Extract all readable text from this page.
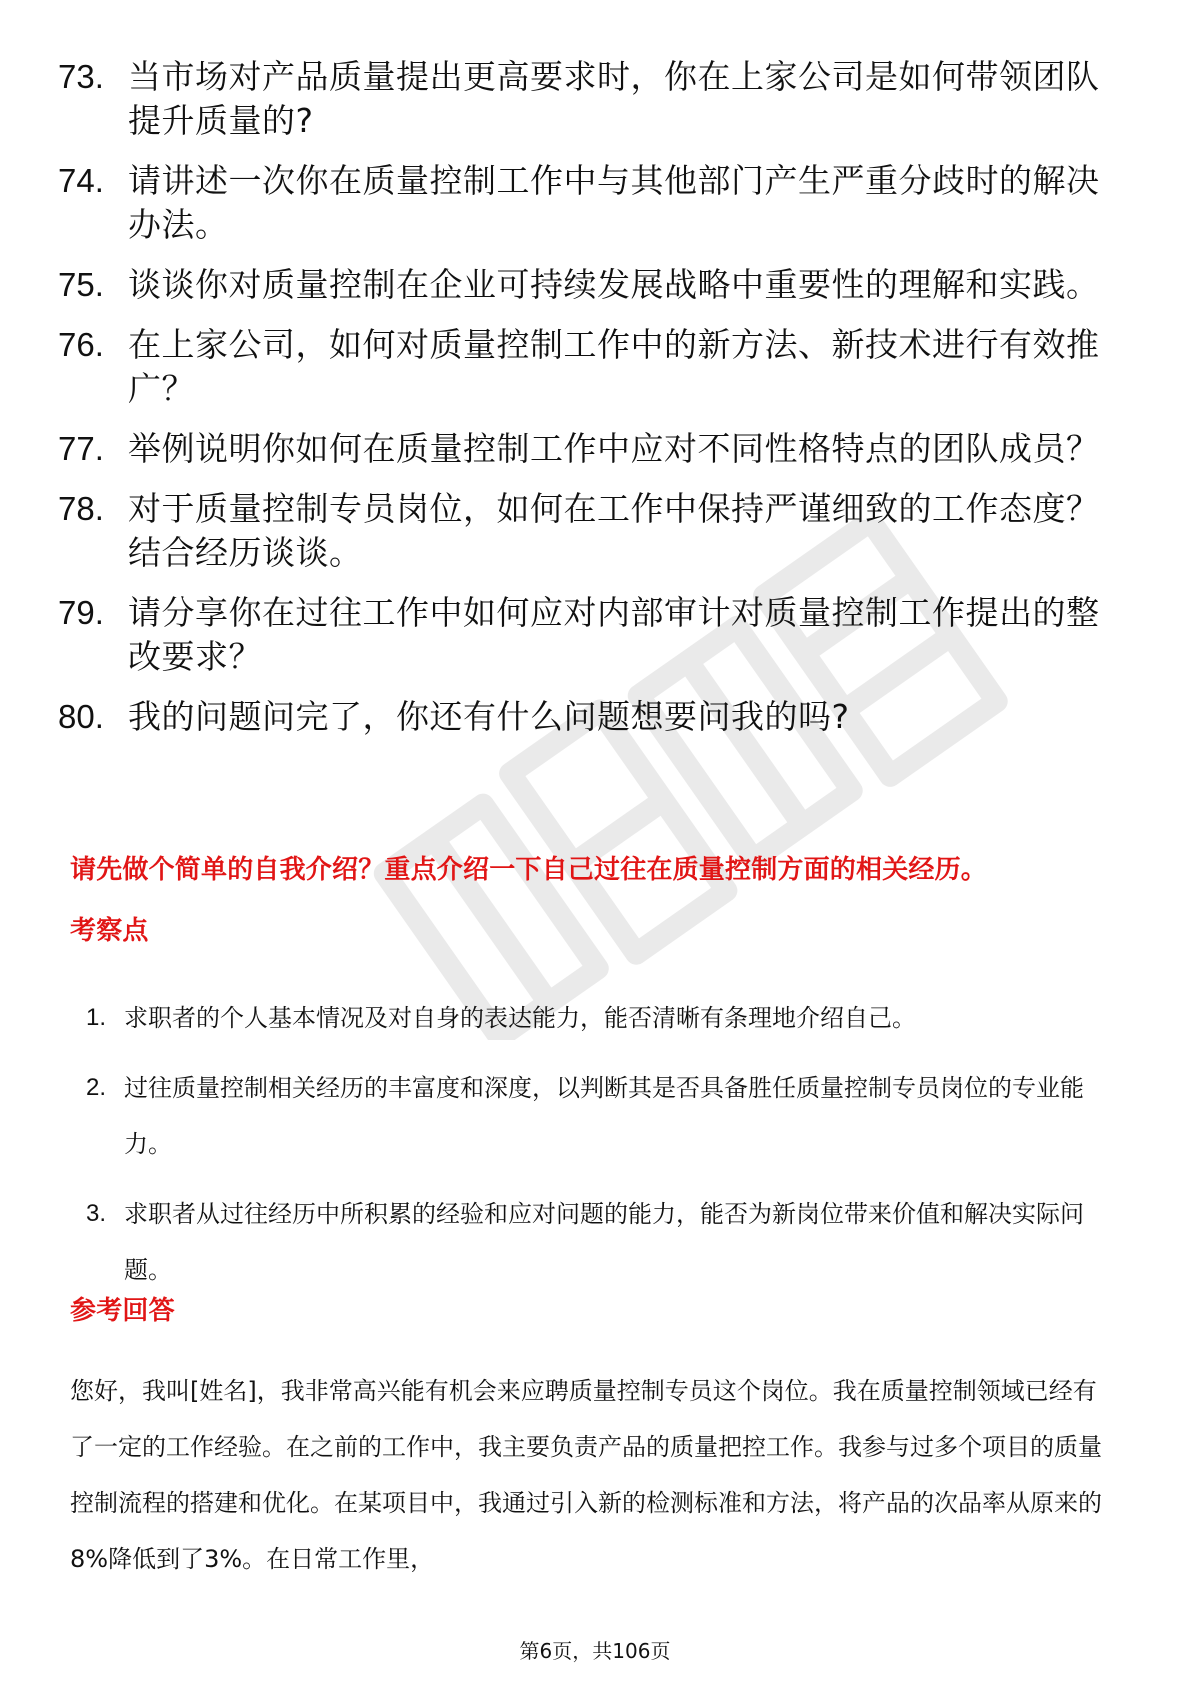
73. 当市场对产品质量提出更高要求时，你在上家公司是如何带领团队提升质量的?
74. 请讲述一次你在质量控制工作中与其他部门产生严重分歧时的解决办法。
75. 谈谈你对质量控制在企业可持续发展战略中重要性的理解和实践。
76. 在上家公司，如何对质量控制工作中的新方法、新技术进行有效推广？
77. 举例说明你如何在质量控制工作中应对不同性格特点的团队成员？
78. 对于质量控制专员岗位，如何在工作中保持严谨细致的工作态度？结合经历谈谈。
79. 请分享你在过往工作中如何应对内部审计对质量控制工作提出的整改要求？
80. 我的问题问完了，你还有什么问题想要问我的吗?
请先做个简单的自我介绍？重点介绍一下自己过往在质量控制方面的相关经历。
考察点
1. 求职者的个人基本情况及对自身的表达能力，能否清晰有条理地介绍自己。
2. 过往质量控制相关经历的丰富度和深度，以判断其是否具备胜任质量控制专员岗位的专业能力。
3. 求职者从过往经历中所积累的经验和应对问题的能力，能否为新岗位带来价值和解决实际问题。
参考回答
您好，我叫[姓名]，我非常高兴能有机会来应聘质量控制专员这个岗位。我在质量控制领域已经有了一定的工作经验。在之前的工作中，我主要负责产品的质量把控工作。我参与过多个项目的质量控制流程的搭建和优化。在某项目中，我通过引入新的检测标准和方法，将产品的次品率从原来的8%降低到了3%。在日常工作里，
第6页，共106页
